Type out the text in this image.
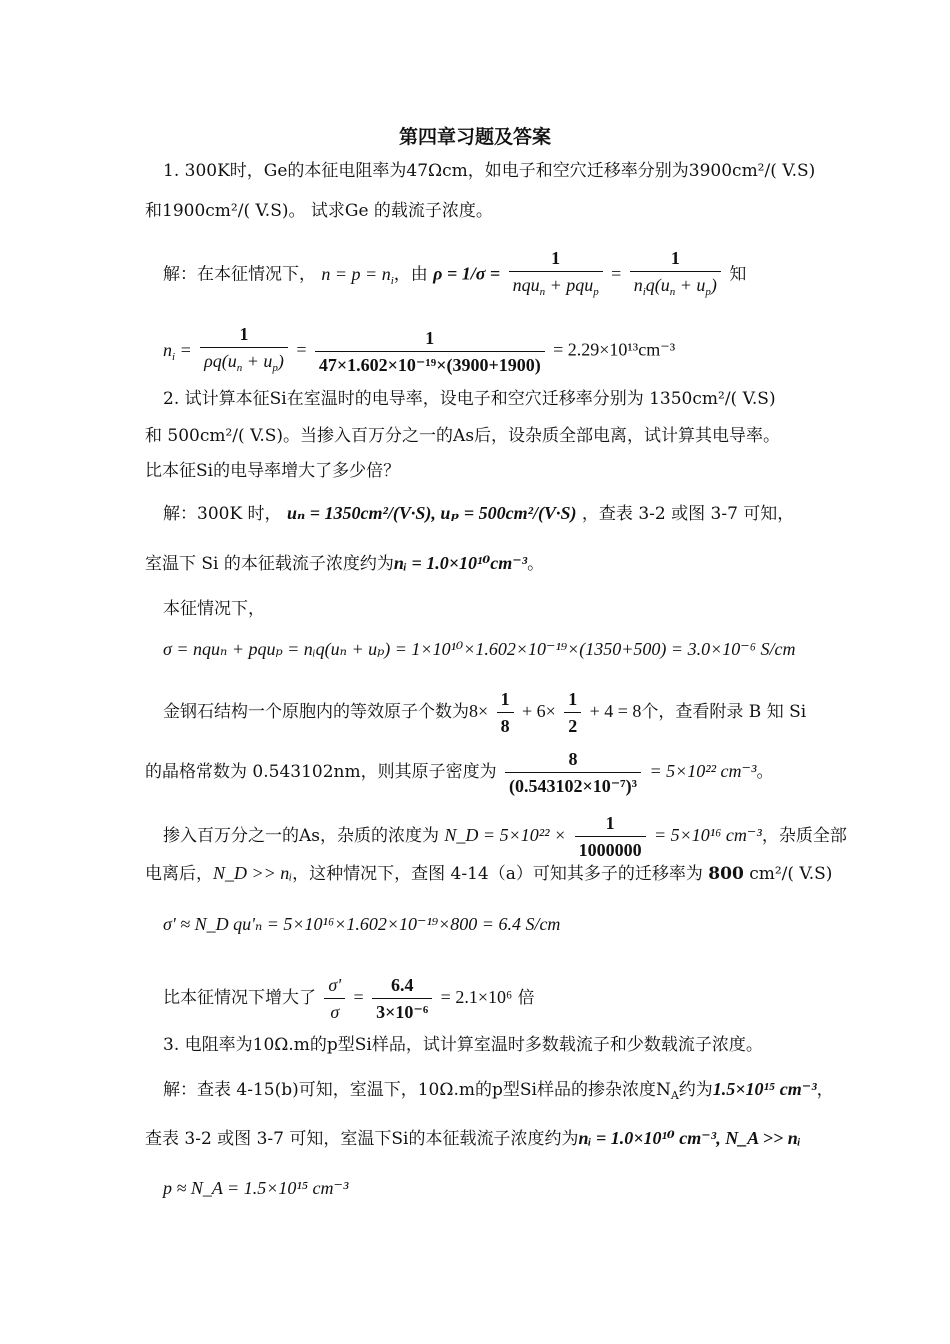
第四章习题及答案
1. 300K时，Ge的本征电阻率为47Ωcm，如电子和空穴迁移率分别为3900cm²/( V.S)
和1900cm²/( V.S)。 试求Ge 的载流子浓度。
解：在本征情况下， $n = p = n_i$，由 $\rho = 1/\sigma = \frac{1}{nqu_n + pqu_p} = \frac{1}{n_iq(u_n + u_p)}$ 知
$n_i = \frac{1}{\rho q(u_n + u_p)} = \frac{1}{\text{47×1.602×10⁻¹⁹×(3900+1900)}} = 2.29\times 10^{13}cm^{-3}$
2. 试计算本征Si在室温时的电导率，设电子和空穴迁移率分别为 1350cm²/( V.S)
和 500cm²/( V.S)。当掺入百万分之一的As后，设杂质全部电离，试计算其电导率。
比本征Si的电导率增大了多少倍？
解：300K 时， uₙ = 1350cm²/(V·S), uₚ = 500cm²/(V·S) ，查表 3-2 或图 3-7 可知，
室温下 Si 的本征载流子浓度约为nᵢ = 1.0×10¹⁰cm⁻³。
本征情况下，
σ = nquₙ + pquₚ = nᵢq(uₙ + uₚ) = 1×10¹⁰×1.602×10⁻¹⁹×(1350+500) = 3.0×10⁻⁶ S/cm
金钢石结构一个原胞内的等效原子个数为$8\times \frac{1}{8} + 6\times \frac{1}{2} + 4 = 8$个，查看附录 B 知 Si
的晶格常数为 0.543102nm，则其原子密度为 $\frac{8}{\text{(0.543102×10⁻⁷)³}} = 5\times 10^{22}$ cm⁻³。
掺入百万分之一的As，杂质的浓度为 N_D = $5\times 10^{22} \times \frac{1}{1000000} = 5\times 10^{16}$ cm⁻³，杂质全部
电离后，N_D >> nᵢ，这种情况下，查图 4-14（a）可知其多子的迁移率为 800 cm²/( V.S)
σ' ≈ N_D qu'ₙ = 5×10¹⁶×1.602×10⁻¹⁹×800 = 6.4 S/cm
比本征情况下增大了 $\frac{\sigma'}{\sigma} = \frac{6.4}{\text{3×10⁻⁶}} = 2.1\times 10^6$ 倍
3. 电阻率为10Ω.m的p型Si样品，试计算室温时多数载流子和少数载流子浓度。
解：查表 4-15(b)可知，室温下，10Ω.m的p型Si样品的掺杂浓度$N_A$约为1.5×10¹⁵ cm⁻³，
查表 3-2 或图 3-7 可知，室温下Si的本征载流子浓度约为nᵢ = 1.0×10¹⁰ cm⁻³, N_A >> nᵢ
p ≈ N_A = 1.5×10¹⁵ cm⁻³
